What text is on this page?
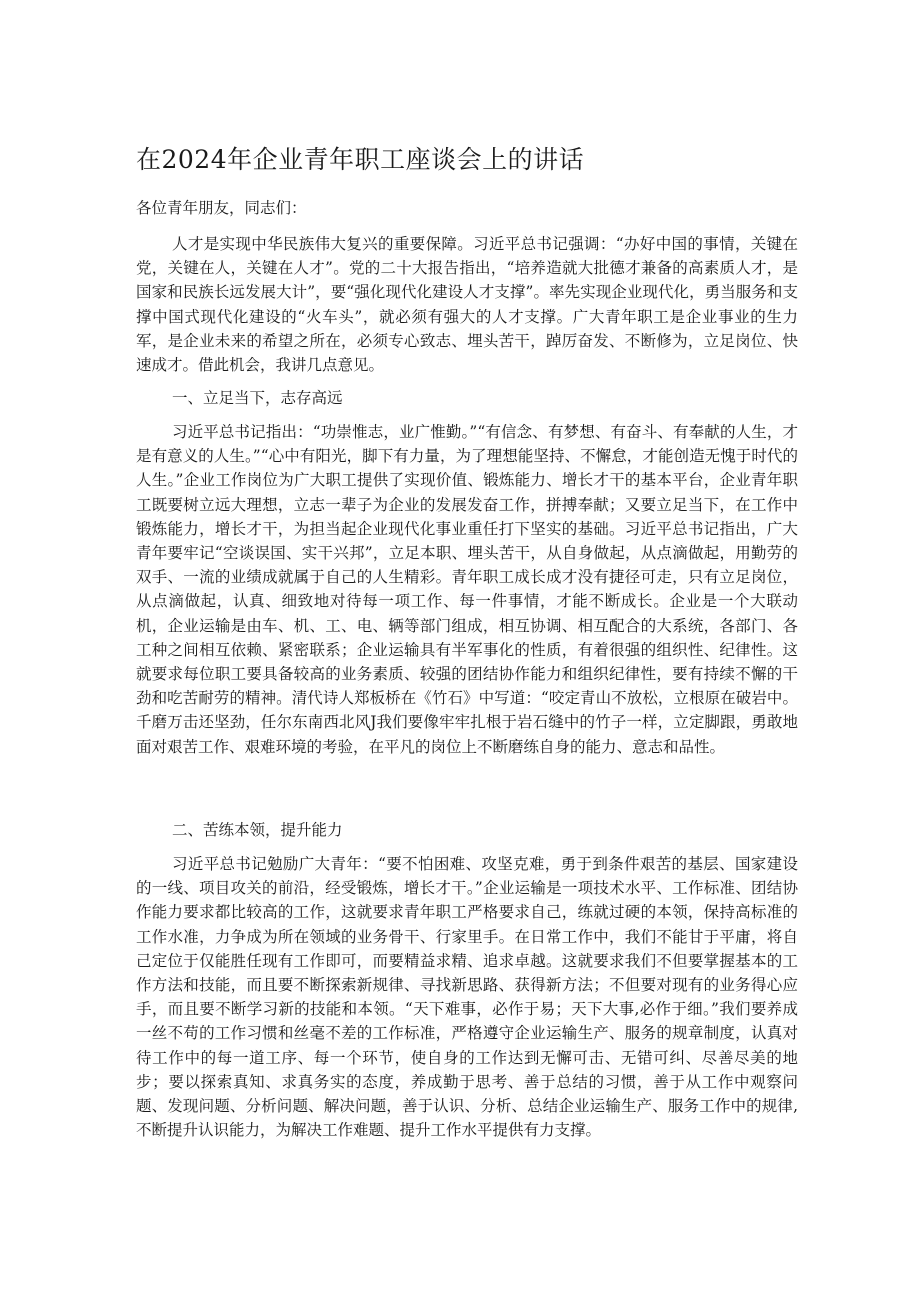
在2024年企业青年职工座谈会上的讲话

各位青年朋友，同志们：

人才是实现中华民族伟大复兴的重要保障。习近平总书记强调：“办好中国的事情，关键在党，关键在人，关键在人才”。党的二十大报告指出，“培养造就大批德才兼备的高素质人才，是国家和民族长远发展大计”，要“强化现代化建设人才支撑”。率先实现企业现代化，勇当服务和支撑中国式现代化建设的“火车头”，就必须有强大的人才支撑。广大青年职工是企业事业的生力军，是企业未来的希望之所在，必须专心致志、埋头苦干，踔厉奋发、不断修为，立足岗位、快速成才。借此机会，我讲几点意见。

一、立足当下，志存高远

习近平总书记指出：“功崇惟志，业广惟勤。”“有信念、有梦想、有奋斗、有奉献的人生，才是有意义的人生。”“心中有阳光，脚下有力量，为了理想能坚持、不懈怠，才能创造无愧于时代的人生。”企业工作岗位为广大职工提供了实现价值、锻炼能力、增长才干的基本平台，企业青年职工既要树立远大理想，立志一辈子为企业的发展发奋工作，拼搏奉献；又要立足当下，在工作中锻炼能力，增长才干，为担当起企业现代化事业重任打下坚实的基础。习近平总书记指出，广大青年要牢记“空谈误国、实干兴邦”，立足本职、埋头苦干，从自身做起，从点滴做起，用勤劳的双手、一流的业绩成就属于自己的人生精彩。青年职工成长成才没有捷径可走，只有立足岗位，从点滴做起，认真、细致地对待每一项工作、每一件事情，才能不断成长。企业是一个大联动机，企业运输是由车、机、工、电、辆等部门组成，相互协调、相互配合的大系统，各部门、各工种之间相互依赖、紧密联系；企业运输具有半军事化的性质，有着很强的组织性、纪律性。这就要求每位职工要具备较高的业务素质、较强的团结协作能力和组织纪律性，要有持续不懈的干劲和吃苦耐劳的精神。清代诗人郑板桥在《竹石》中写道：“咬定青山不放松，立根原在破岩中。千磨万击还坚劲，任尔东南西北风J我们要像牢牢扎根于岩石缝中的竹子一样，立定脚跟，勇敢地面对艰苦工作、艰难环境的考验，在平凡的岗位上不断磨练自身的能力、意志和品性。

二、苦练本领，提升能力

习近平总书记勉励广大青年：“要不怕困难、攻坚克难，勇于到条件艰苦的基层、国家建设的一线、项目攻关的前沿，经受锻炼，增长才干。”企业运输是一项技术水平、工作标准、团结协作能力要求都比较高的工作，这就要求青年职工严格要求自己，练就过硬的本领，保持高标准的工作水准，力争成为所在领域的业务骨干、行家里手。在日常工作中，我们不能甘于平庸，将自己定位于仅能胜任现有工作即可，而要精益求精、追求卓越。这就要求我们不但要掌握基本的工作方法和技能，而且要不断探索新规律、寻找新思路、获得新方法；不但要对现有的业务得心应手，而且要不断学习新的技能和本领。“天下难事，必作于易；天下大事,必作于细。”我们要养成一丝不苟的工作习惯和丝毫不差的工作标准，严格遵守企业运输生产、服务的规章制度，认真对待工作中的每一道工序、每一个环节，使自身的工作达到无懈可击、无错可纠、尽善尽美的地步；要以探索真知、求真务实的态度，养成勤于思考、善于总结的习惯，善于从工作中观察问题、发现问题、分析问题、解决问题，善于认识、分析、总结企业运输生产、服务工作中的规律,不断提升认识能力，为解决工作难题、提升工作水平提供有力支撑。
